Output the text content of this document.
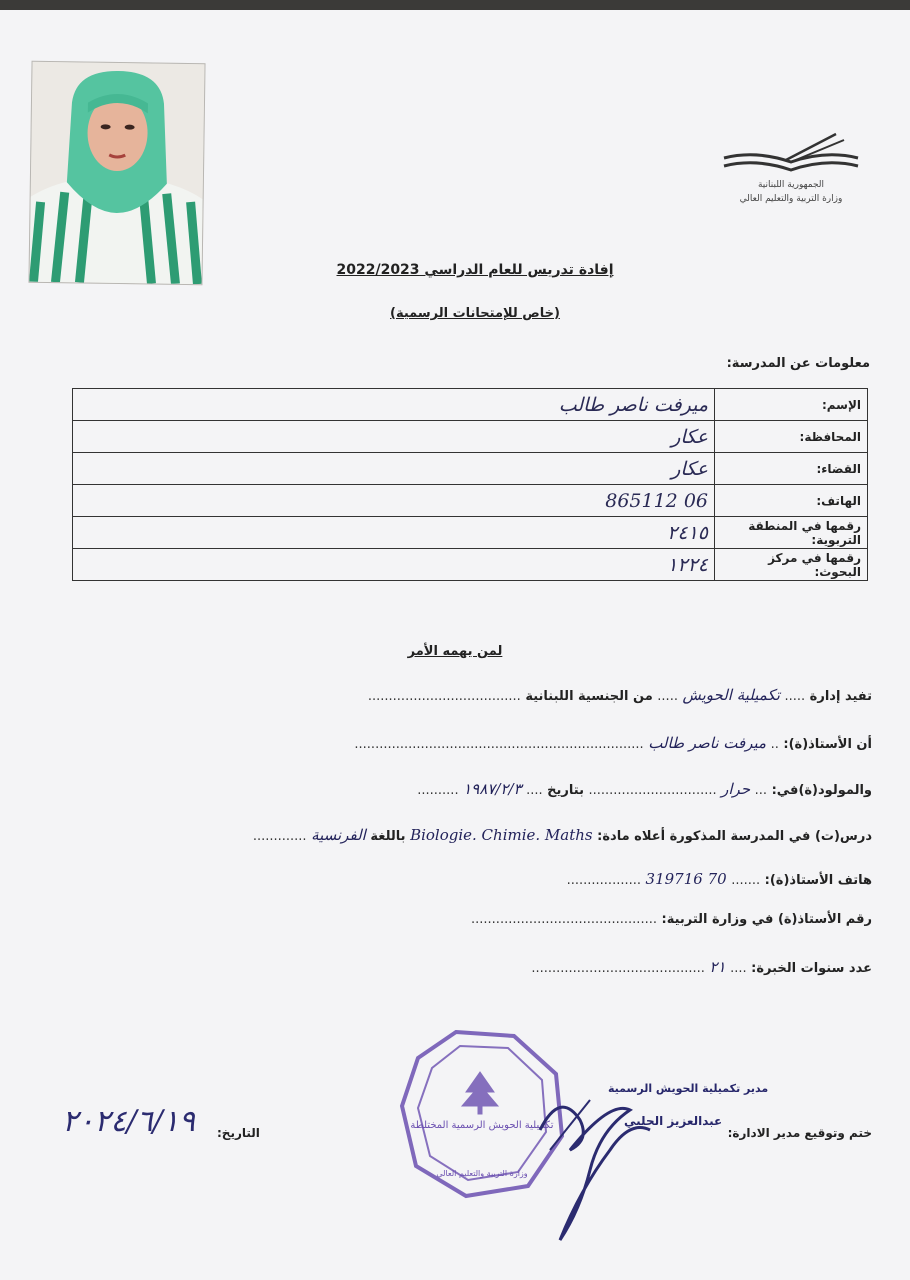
الجمهورية اللبنانية
وزارة التربية والتعليم العالي
إفادة تدريس للعام الدراسي 2022/2023
(خاص للإمتحانات الرسمية)
معلومات عن المدرسة:
الإسم:	ميرفت ناصر طالب
المحافظة:	عكار
القضاء:	عكار
الهاتف:	06 865112
رقمها في المنطقة التربوية:	٢٤١٥
رقمها في مركز البحوث:	١٢٢٤
لمن يهمه الأمر
تفيد إدارة ..... تكميلية الحويش ..... من الجنسية اللبنانية .....................................
أن الأستاذ(ة): .. ميرفت ناصر طالب ......................................................................
والمولود(ة)في: ... حرار ............................... بتاريخ .... ١٩٨٧/٢/٣ ..........
درس(ت) في المدرسة المذكورة أعلاه مادة: Biologie. Chimie. Maths باللغة الفرنسية .............
هاتف الأستاذ(ة): ....... 70 319716 ..................
رقم الأستاذ(ة) في وزارة التربية: .............................................
عدد سنوات الخبرة: .... ٢١ ..........................................
تكميلية الحويش الرسمية المختلطة
وزارة التربية والتعليم العالي
مدير تكميلية الحويش الرسمية
عبدالعزيز الحلبي
ختم وتوقيع مدير الادارة:
التاريخ:
٢٠٢٤/٦/١٩
